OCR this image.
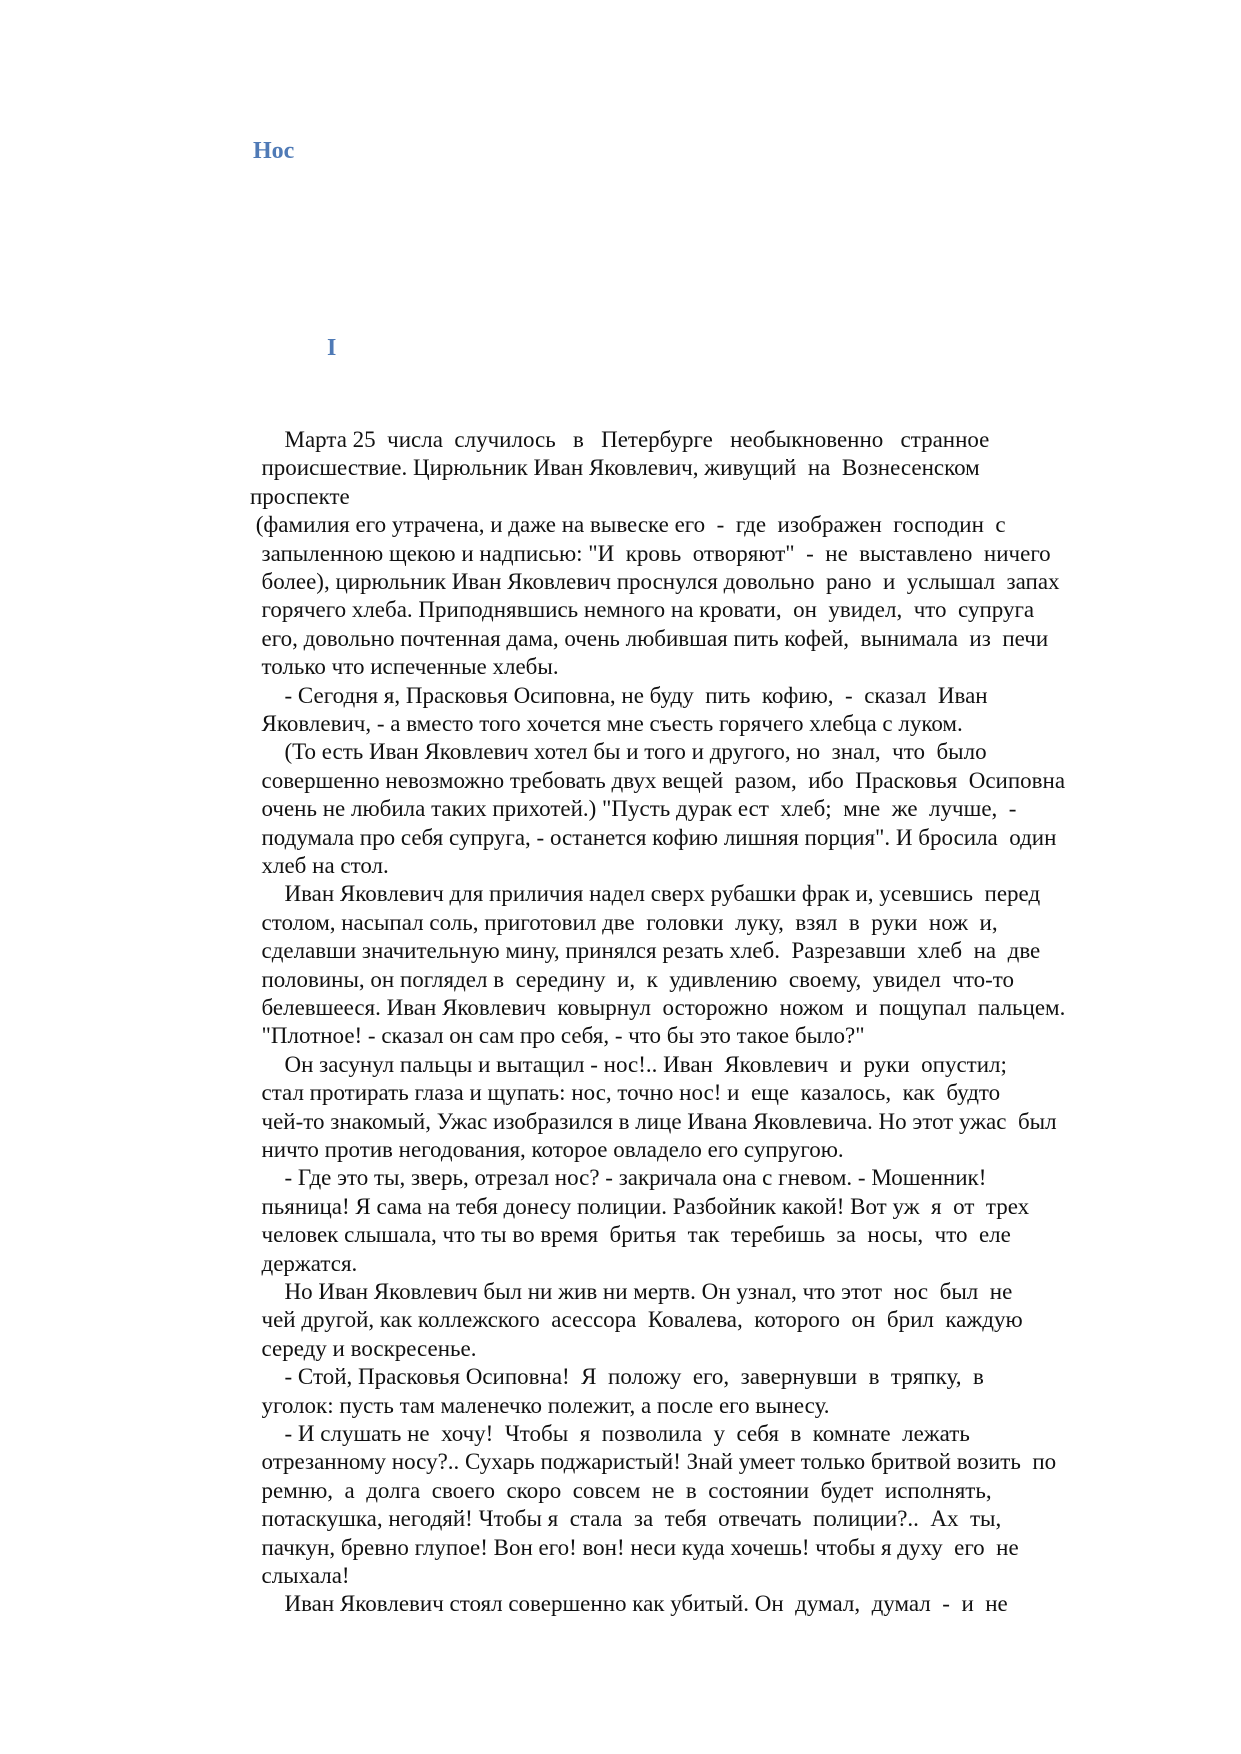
Нос
I
Марта 25  числа  случилось   в   Петербурге   необыкновенно   странное
происшествие. Цирюльник Иван Яковлевич, живущий  на  Вознесенском
проспекте
(фамилия его утрачена, и даже на вывеске его  -  где  изображен  господин  с
запыленною щекою и надписью: "И  кровь  отворяют"  -  не  выставлено  ничего
более), цирюльник Иван Яковлевич проснулся довольно  рано  и  услышал  запах
горячего хлеба. Приподнявшись немного на кровати,  он  увидел,  что  супруга
его, довольно почтенная дама, очень любившая пить кофей,  вынимала  из  печи
только что испеченные хлебы.
- Сегодня я, Прасковья Осиповна, не буду  пить  кофию,  -  сказал  Иван
Яковлевич, - а вместо того хочется мне съесть горячего хлебца с луком.
(То есть Иван Яковлевич хотел бы и того и другого, но  знал,  что  было
совершенно невозможно требовать двух вещей  разом,  ибо  Прасковья  Осиповна
очень не любила таких прихотей.) "Пусть дурак ест  хлеб;  мне  же  лучше,  -
подумала про себя супруга, - останется кофию лишняя порция". И бросила  один
хлеб на стол.
Иван Яковлевич для приличия надел сверх рубашки фрак и, усевшись  перед
столом, насыпал соль, приготовил две  головки  луку,  взял  в  руки  нож  и,
сделавши значительную мину, принялся резать хлеб.  Разрезавши  хлеб  на  две
половины, он поглядел в  середину  и,  к  удивлению  своему,  увидел  что-то
белевшееся. Иван Яковлевич  ковырнул  осторожно  ножом  и  пощупал  пальцем.
"Плотное! - сказал он сам про себя, - что бы это такое было?"
Он засунул пальцы и вытащил - нос!.. Иван  Яковлевич  и  руки  опустил;
стал протирать глаза и щупать: нос, точно нос! и  еще  казалось,  как  будто
чей-то знакомый, Ужас изобразился в лице Ивана Яковлевича. Но этот ужас  был
ничто против негодования, которое овладело его супругою.
- Где это ты, зверь, отрезал нос? - закричала она с гневом. - Мошенник!
пьяница! Я сама на тебя донесу полиции. Разбойник какой! Вот уж  я  от  трех
человек слышала, что ты во время  бритья  так  теребишь  за  носы,  что  еле
держатся.
Но Иван Яковлевич был ни жив ни мертв. Он узнал, что этот  нос  был  не
чей другой, как коллежского  асессора  Ковалева,  которого  он  брил  каждую
середу и воскресенье.
- Стой, Прасковья Осиповна!  Я  положу  его,  завернувши  в  тряпку,  в
уголок: пусть там маленечко полежит, а после его вынесу.
- И слушать не  хочу!  Чтобы  я  позволила  у  себя  в  комнате  лежать
отрезанному носу?.. Сухарь поджаристый! Знай умеет только бритвой возить  по
ремню,  а  долга  своего  скоро  совсем  не  в  состоянии  будет  исполнять,
потаскушка, негодяй! Чтобы я  стала  за  тебя  отвечать  полиции?..  Ах  ты,
пачкун, бревно глупое! Вон его! вон! неси куда хочешь! чтобы я духу  его  не
слыхала!
Иван Яковлевич стоял совершенно как убитый. Он  думал,  думал  -  и  не
